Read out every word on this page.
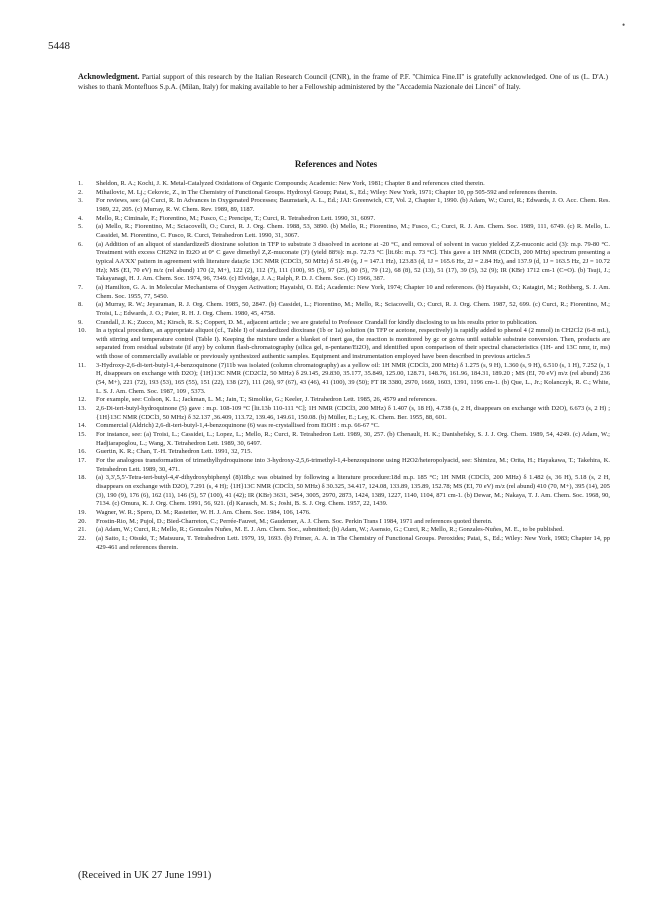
5448
•
Acknowledgment. Partial support of this research by the Italian Research Council (CNR), in the frame of P.F. "Chimica Fine.II" is gratefully acknowledged. One of us (L. D'A.) wishes to thank Montefluos S.p.A. (Milan, Italy) for making available to her a Fellowship administered by the "Accademia Nazionale dei Lincei" of Italy.
References and Notes
1. Sheldon, R. A.; Kochi, J. K. Metal-Catalyzed Oxidations of Organic Compounds; Academic: New York, 1981; Chapter 8 and references cited therein.
2. Mihailovic, M. Lj.; Cekovic, Z., in The Chemistry of Functional Groups. Hydroxyl Group; Patai, S., Ed.; Wiley: New York, 1971; Chapter 10, pp 505-592 and references therein.
3. For reviews, see: (a) Curci, R. In Advances in Oxygenated Processes; Baumstark, A. L., Ed.; JAI: Greenwich, CT, Vol. 2, Chapter 1, 1990. (b) Adam, W.; Curci, R.; Edwards, J. O. Acc. Chem. Res. 1989, 22, 205. (c) Murray, R. W. Chem. Rev. 1989, 89, 1187.
4. Mello, R.; Ciminale, F.; Fiorentino, M.; Fusco, C.; Prencipe, T.; Curci, R. Tetrahedron Lett. 1990, 31, 6097.
5. (a) Mello, R.; Fiorentino, M.; Sciacovelli, O.; Curci, R. J. Org. Chem. 1988, 53, 3890. (b) Mello, R.; Fiorentino, M.; Fusco, C.; Curci, R. J. Am. Chem. Soc. 1989, 111, 6749. (c) R. Mello, L. Cassidei, M. Fiorentino, C. Fusco, R. Curci, Tetrahedron Lett. 1990, 31, 3067.
6. (a) Addition of an aliquot of standardized5 dioxirane solution in TFP to substrate 3 dissolved in acetone at -20 °C, and removal of solvent in vacuo yielded Z,Z-muconic acid (3): m.p. 79-80 °C. Treatment with excess CH2N2 in Et2O at 0° C gave dimethyl Z,Z-muconate (3') (yield 88%): m.p. 72.73 °C [lit.6b: m.p. 73 °C]. This gave a 1H NMR (CDCl3, 200 MHz) spectrum presenting a typical AA'XX' pattern in agreement with literature data;6c 13C NMR (CDCl3, 50 MHz) δ 51.49 (q, J = 147.1 Hz), 123.83 (d, 1J = 165.6 Hz, 2J = 2.84 Hz), and 137.9 (d, 1J = 163.5 Hz, 2J = 10.72 Hz); MS (EI, 70 eV) m/z (rel abund) 170 (2, M+), 122 (2), 112 (7), 111 (100), 95 (5), 97 (25), 80 (5), 79 (12), 68 (8), 52 (13), 51 (17), 39 (5), 32 (9); IR (KBr) 1712 cm-1 (C=O). (b) Tsuji, J.; Takayanagi, H. J. Am. Chem. Soc. 1974, 96, 7349. (c) Elvidge, J. A.; Ralph, P. D. J. Chem. Soc. (C) 1966, 387.
7. (a) Hamilton, G. A. in Molecular Mechanisms of Oxygen Activation; Hayaishi, O. Ed.; Academic: New York, 1974; Chapter 10 and references. (b) Hayaishi, O.; Katagiri, M.; Rothberg, S. J. Am. Chem. Soc. 1955, 77, 5450.
8. (a) Murray, R. W.; Jeyaraman, R. J. Org. Chem. 1985, 50, 2847. (b) Cassidei, L.; Fiorentino, M.; Mello, R.; Sciacovelli, O.; Curci, R. J. Org. Chem. 1987, 52, 699. (c) Curci, R.; Fiorentino, M.; Troisi, L.; Edwards, J. O.; Pater, R. H. J. Org. Chem. 1980, 45, 4758.
9. Crandall, J. K.; Zucco, M.; Kirsch, R. S.; Coppert, D. M., adjacent article ; we are grateful to Professor Crandall for kindly disclosing to us his results prior to publication.
10. In a typical procedure, an appropriate aliquot (cf., Table I) of standardized dioxirane (1b or 1a) solution (in TFP or acetone, respectively) is rapidly added to phenol 4 (2 mmol) in CH2Cl2 (6-8 mL), with stirring and temperature control (Table I). Keeping the mixture under a blanket of inert gas, the reaction is monitored by gc or gc/ms until suitable substrate conversion. Then, products are separated from residual substrate (if any) by column flash-chromatography (silica gel, n-pentane/Et2O), and identified upon comparison of their spectral characteristics (1H- and 13C nmr, ir, ms) with those of commercially available or previously synthesized authentic samples. Equipment and instrumentation employed have been described in previous articles.5
11. 3-Hydroxy-2,6-di-tert-butyl-1,4-benzoquinone (7)11b was isolated (column chromatography) as a yellow oil: 1H NMR (CDCl3, 200 MHz) δ 1.275 (s, 9 H), 1.360 (s, 9 H), 6.510 (s, 1 H), 7.252 (s, 1 H, disappears on exchange with D2O); {1H}13C NMR (CD2Cl2, 50 MHz) δ 29.145, 29.830, 35.177, 35.849, 125.00, 128.71, 148.76, 161.96, 184.31, 189.20 ; MS (EI, 70 eV) m/z (rel abund) 236 (54, M+), 221 (72), 193 (53), 165 (55), 151 (22), 138 (27), 111 (26), 97 (67), 43 (46), 41 (100), 39 (50); FT IR 3380, 2970, 1669, 1603, 1391, 1196 cm-1. (b) Que, L., Jr.; Kolanczyk, R. C.; White, L. S. J. Am. Chem. Soc. 1987, 109 , 5373.
12. For example, see: Colson, K. L.; Jackman, L. M.; Jain, T.; Simolike, G.; Keeler, J. Tetrahedron Lett. 1985, 26, 4579 and references.
13. 2,6-Di-tert-butyl-hydroquinone (5) gave : m.p. 108-109 °C [lit.13b 110-111 °C]; 1H NMR (CDCl3, 200 MHz) δ 1.407 (s, 18 H), 4.738 (s, 2 H, disappears on exchange with D2O), 6.673 (s, 2 H) ; {1H}13C NMR (CDCl3, 50 MHz) δ 32.137 ,36.409, 113.72, 139.46, 149.61, 150.08. (b) Müller, E.; Ley, K. Chem. Ber. 1955, 88, 601.
14. Commercial (Aldrich) 2,6-di-tert-butyl-1,4-benzoquinone (6) was re-crystallised from EtOH : m.p. 66-67 °C.
15. For instance, see: (a) Troisi, L.; Cassidei, L.; Lopez, L.; Mello, R.; Curci, R. Tetrahedron Lett. 1989, 30, 257. (b) Chenault, H. K.; Danishefsky, S. J. J. Org. Chem. 1989, 54, 4249. (c) Adam, W.; Hadjiarapoglou, L.; Wang, X. Tetrahedron Lett. 1989, 30, 6497.
16. Guertin, K. R.; Chan, T.-H. Tetrahedron Lett. 1991, 32, 715.
17. For the analogous transformation of trimethylhydroquinone into 3-hydroxy-2,5,6-trimethyl-1,4-benzoquinone using H2O2/heteropolyacid, see: Shimizu, M.; Orita, H.; Hayakawa, T.; Takehira, K. Tetrahedron Lett. 1989, 30, 471.
18. (a) 3,3',5,5'-Tetra-tert-butyl-4,4'-dihydroxybiphenyl (8)18b,c was obtained by following a literature procedure:18d m.p. 185 °C; 1H NMR (CDCl3, 200 MHz) δ 1.482 (s, 36 H), 5.18 (s, 2 H, disappears on exchange with D2O), 7.291 (s, 4 H); {1H}13C NMR (CDCl3, 50 MHz) δ 30.325, 34.417, 124.08, 133.89, 135.89, 152.78; MS (EI, 70 eV) m/z (rel abund) 410 (70, M+), 395 (14), 205 (3), 190 (9), 176 (6), 162 (11), 146 (5), 57 (100), 41 (42); IR (KBr) 3631, 3454, 3005, 2970, 2873, 1424, 1389, 1227, 1140, 1104, 871 cm-1. (b) Dewar, M.; Nakaya, T. J. Am. Chem. Soc. 1968, 90, 7134. (c) Omura, K. J. Org. Chem. 1991, 56, 921. (d) Karasch, M. S.; Joshi, B. S. J. Org. Chem. 1957, 22, 1439.
19. Wagner, W. R.; Spero, D. M.; Rastetter, W. H. J. Am. Chem. Soc. 1984, 106, 1476.
20. Frostin-Rio, M.; Pujol, D.; Bied-Charreton, C.; Perrée-Fauvet, M.; Gaudemer, A. J. Chem. Soc. Perkin Trans I 1984, 1971 and references quoted therein.
21. (a) Adam, W.; Curci, R.; Mello, R.; Gonzales Nuñes, M. E. J. Am. Chem. Soc., submitted; (b) Adam, W.; Asensio, G.; Curci, R.; Mello, R.; Gonzales-Nuñes, M. E., to be published.
22. (a) Saito, I.; Otsuki, T.; Matsuura, T. Tetrahedron Lett. 1979, 19, 1693. (b) Frimer, A. A. in The Chemistry of Functional Groups. Peroxides; Patai, S., Ed.; Wiley: New York, 1983; Chapter 14, pp 429-461 and references therein.
(Received in UK 27 June 1991)
